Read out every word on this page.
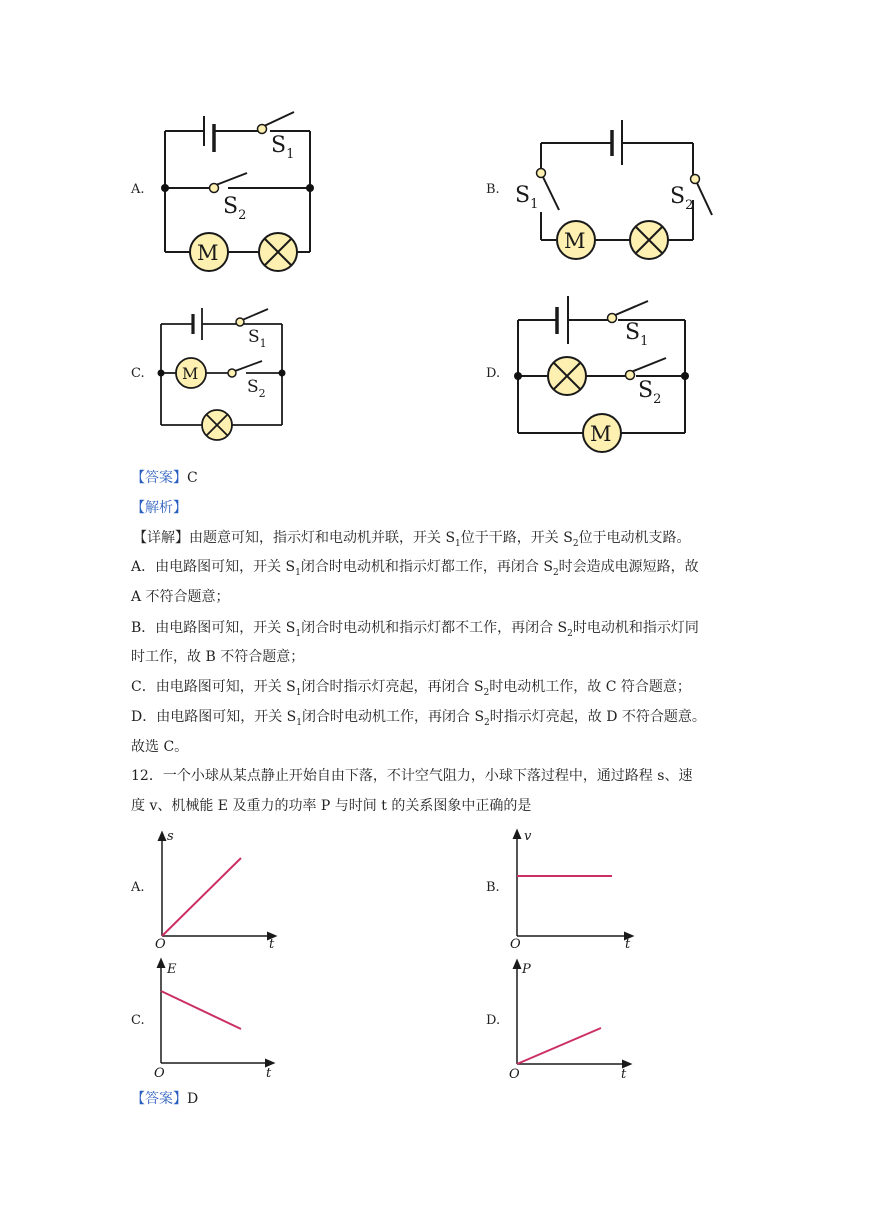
A.	B.
C.	D.
$S_1$
$S_2$
M
$S_1$	$S_2$
M
$S_1$
$S_2$
M
$S_1$
$S_2$
M
【答案】C
【解析】
【详解】由题意可知，指示灯和电动机并联，开关 $S_1$位于干路，开关 $S_2$位于电动机支路。
A．由电路图可知，开关 $S_1$闭合时电动机和指示灯都工作，再闭合 $S_2$时会造成电源短路，故
A 不符合题意；
B．由电路图可知，开关 $S_1$闭合时电动机和指示灯都不工作，再闭合 $S_2$时电动机和指示灯同
时工作，故 B 不符合题意；
C．由电路图可知，开关 $S_1$闭合时指示灯亮起，再闭合 $S_2$时电动机工作，故 C 符合题意；
D．由电路图可知，开关 $S_1$闭合时电动机工作，再闭合 $S_2$时指示灯亮起，故 D 不符合题意。
故选 C。
12．一个小球从某点静止开始自由下落，不计空气阻力，小球下落过程中，通过路程 s、速
度 v、机械能 E 及重力的功率 P 与时间 t 的关系图象中正确的是
A.	B.
C.	D.
s
t
O
v
t
O
E
t
O
P
t
O
【答案】D
